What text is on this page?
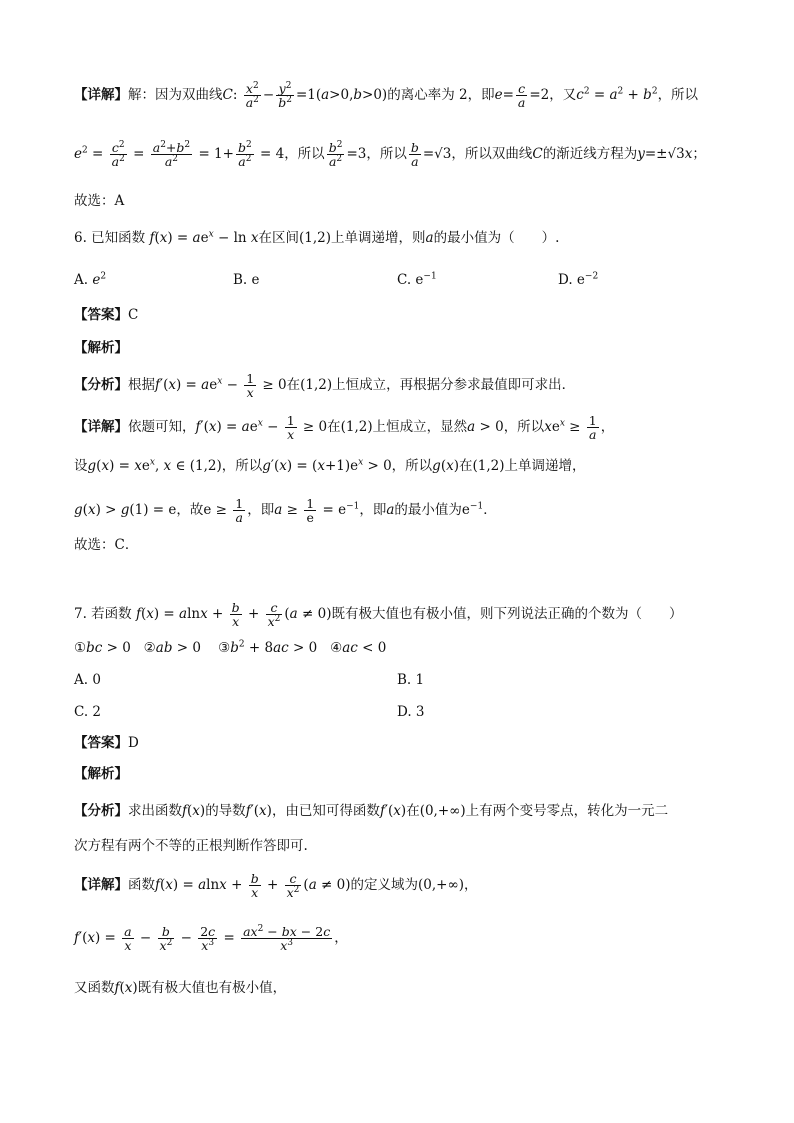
【详解】解：因为双曲线C: $\frac{x^2}{a^2} - \frac{y^2}{b^2} =1(a>0,b>0)$的离心率为 2，即$e= \frac{c}{a} =2$，又$c^2 = a^2 + b^2$，所以
$e^2 = \frac{c^2}{a^2} = \frac{a^2+b^2}{a^2} = 1+ \frac{b^2}{a^2} = 4$，所以 $\frac{b^2}{a^2} =3$，所以 $\frac{b}{a} =√3$，所以双曲线C的渐近线方程为y=±√3x；
故选：A
6. 已知函数 $f(x) = ae^x - \ln x$在区间(1,2)上单调递增，则a的最小值为（　　）.
A. $e^2$	B. e	C. $e^{-1}$	D. $e^{-2}$
【答案】C
【解析】
【分析】根据$f'(x) = ae^x - \frac{1}{x} \ge 0$在(1,2)上恒成立，再根据分参求最值即可求出．
【详解】依题可知，$f'(x) = ae^x - \frac{1}{x} \ge 0$在(1,2)上恒成立，显然a > 0，所以$xe^x \ge \frac{1}{a}$ ，
设$g(x) = xe^x$, x ∈ (1,2)，所以$g'(x) = (x+1)e^x > 0$，所以g(x)在(1,2)上单调递增，
g(x) > g(1) = e，故$e \ge \frac{1}{a}$ ，即$a \ge \frac{1}{e} = e^{-1}$，即a的最小值为$e^{-1}$．
故选：C．
7. 若函数 $f(x) = alnx + \frac{b}{x} + \frac{c}{x^2} (a \ne 0)$既有极大值也有极小值，则下列说法正确的个数为（　　）
①bc > 0   ②ab > 0    $③b^2 + 8ac > 0$   ④ac < 0
A. 0	B. 1
C. 2	D. 3
【答案】D
【解析】
【分析】求出函数f(x)的导数f′(x)，由已知可得函数f′(x)在(0,+∞)上有两个变号零点，转化为一元二
次方程有两个不等的正根判断作答即可.
【详解】函数$f(x) = alnx + \frac{b}{x} + \frac{c}{x^2} (a \ne 0)$的定义域为(0,+∞)，
$f'(x) = \frac{a}{x} - \frac{b}{x^2} - \frac{2c}{x^3} = \frac{ax^2 - bx - 2c}{x^3}$ ，
又函数f(x)既有极大值也有极小值，
